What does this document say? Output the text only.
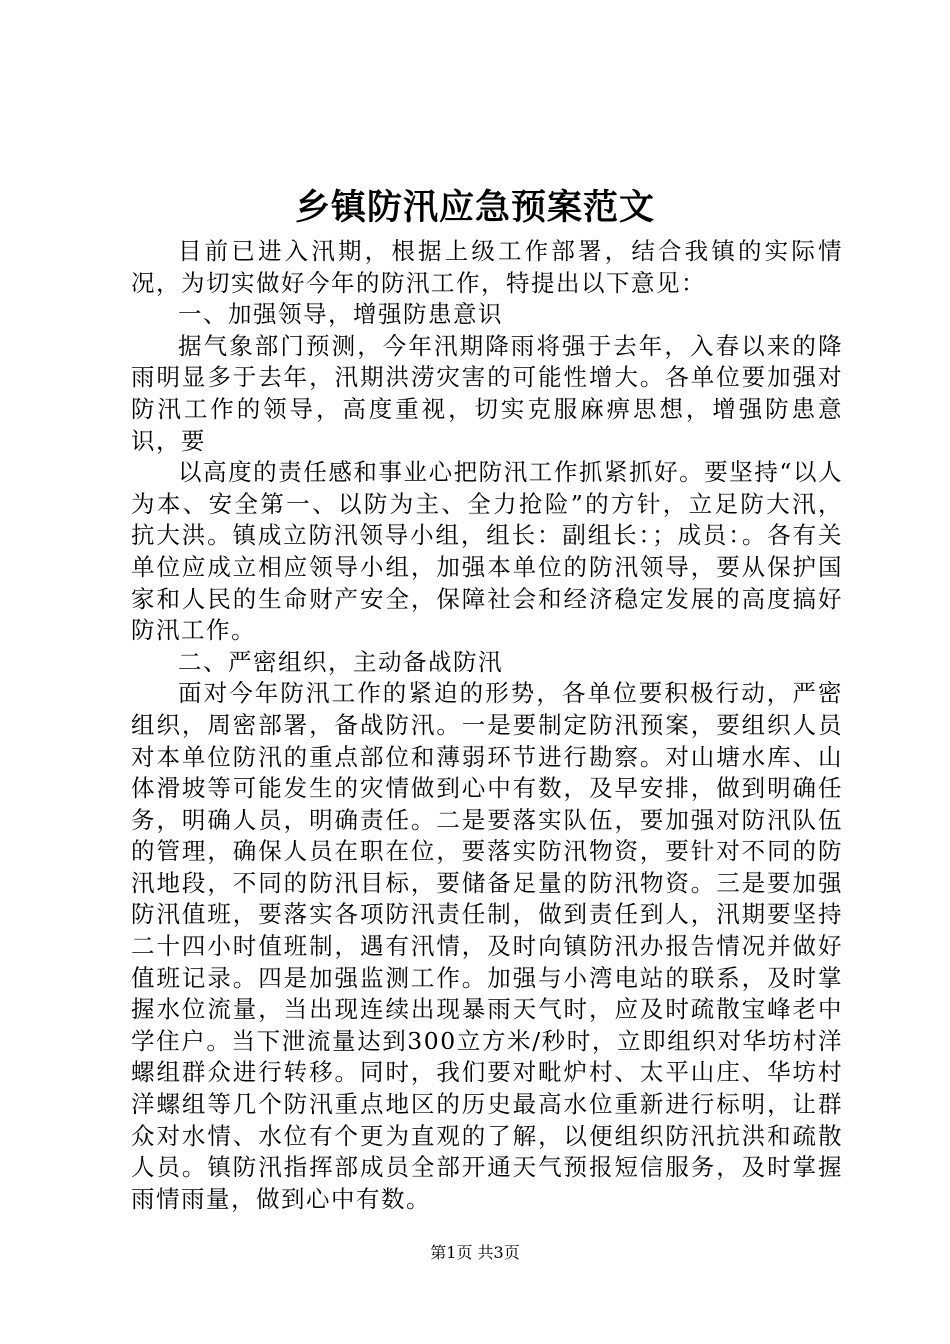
乡镇防汛应急预案范文

目前已进入汛期，根据上级工作部署，结合我镇的实际情况，为切实做好今年的防汛工作，特提出以下意见：

一、加强领导，增强防患意识

据气象部门预测，今年汛期降雨将强于去年，入春以来的降雨明显多于去年，汛期洪涝灾害的可能性增大。各单位要加强对防汛工作的领导，高度重视，切实克服麻痹思想，增强防患意识，要

以高度的责任感和事业心把防汛工作抓紧抓好。要坚持“以人为本、安全第一、以防为主、全力抢险”的方针，立足防大汛，抗大洪。镇成立防汛领导小组，组长：副组长：；成员：。各有关单位应成立相应领导小组，加强本单位的防汛领导，要从保护国家和人民的生命财产安全，保障社会和经济稳定发展的高度搞好防汛工作。

二、严密组织，主动备战防汛

面对今年防汛工作的紧迫的形势，各单位要积极行动，严密组织，周密部署，备战防汛。一是要制定防汛预案，要组织人员对本单位防汛的重点部位和薄弱环节进行勘察。对山塘水库、山体滑坡等可能发生的灾情做到心中有数，及早安排，做到明确任务，明确人员，明确责任。二是要落实队伍，要加强对防汛队伍的管理，确保人员在职在位，要落实防汛物资，要针对不同的防汛地段，不同的防汛目标，要储备足量的防汛物资。三是要加强防汛值班，要落实各项防汛责任制，做到责任到人，汛期要坚持二十四小时值班制，遇有汛情，及时向镇防汛办报告情况并做好值班记录。四是加强监测工作。加强与小湾电站的联系，及时掌握水位流量，当出现连续出现暴雨天气时，应及时疏散宝峰老中学住户。当下泄流量达到300立方米/秒时，立即组织对华坊村洋螺组群众进行转移。同时，我们要对毗炉村、太平山庄、华坊村洋螺组等几个防汛重点地区的历史最高水位重新进行标明，让群众对水情、水位有个更为直观的了解，以便组织防汛抗洪和疏散人员。镇防汛指挥部成员全部开通天气预报短信服务，及时掌握雨情雨量，做到心中有数。

第1页 共3页
